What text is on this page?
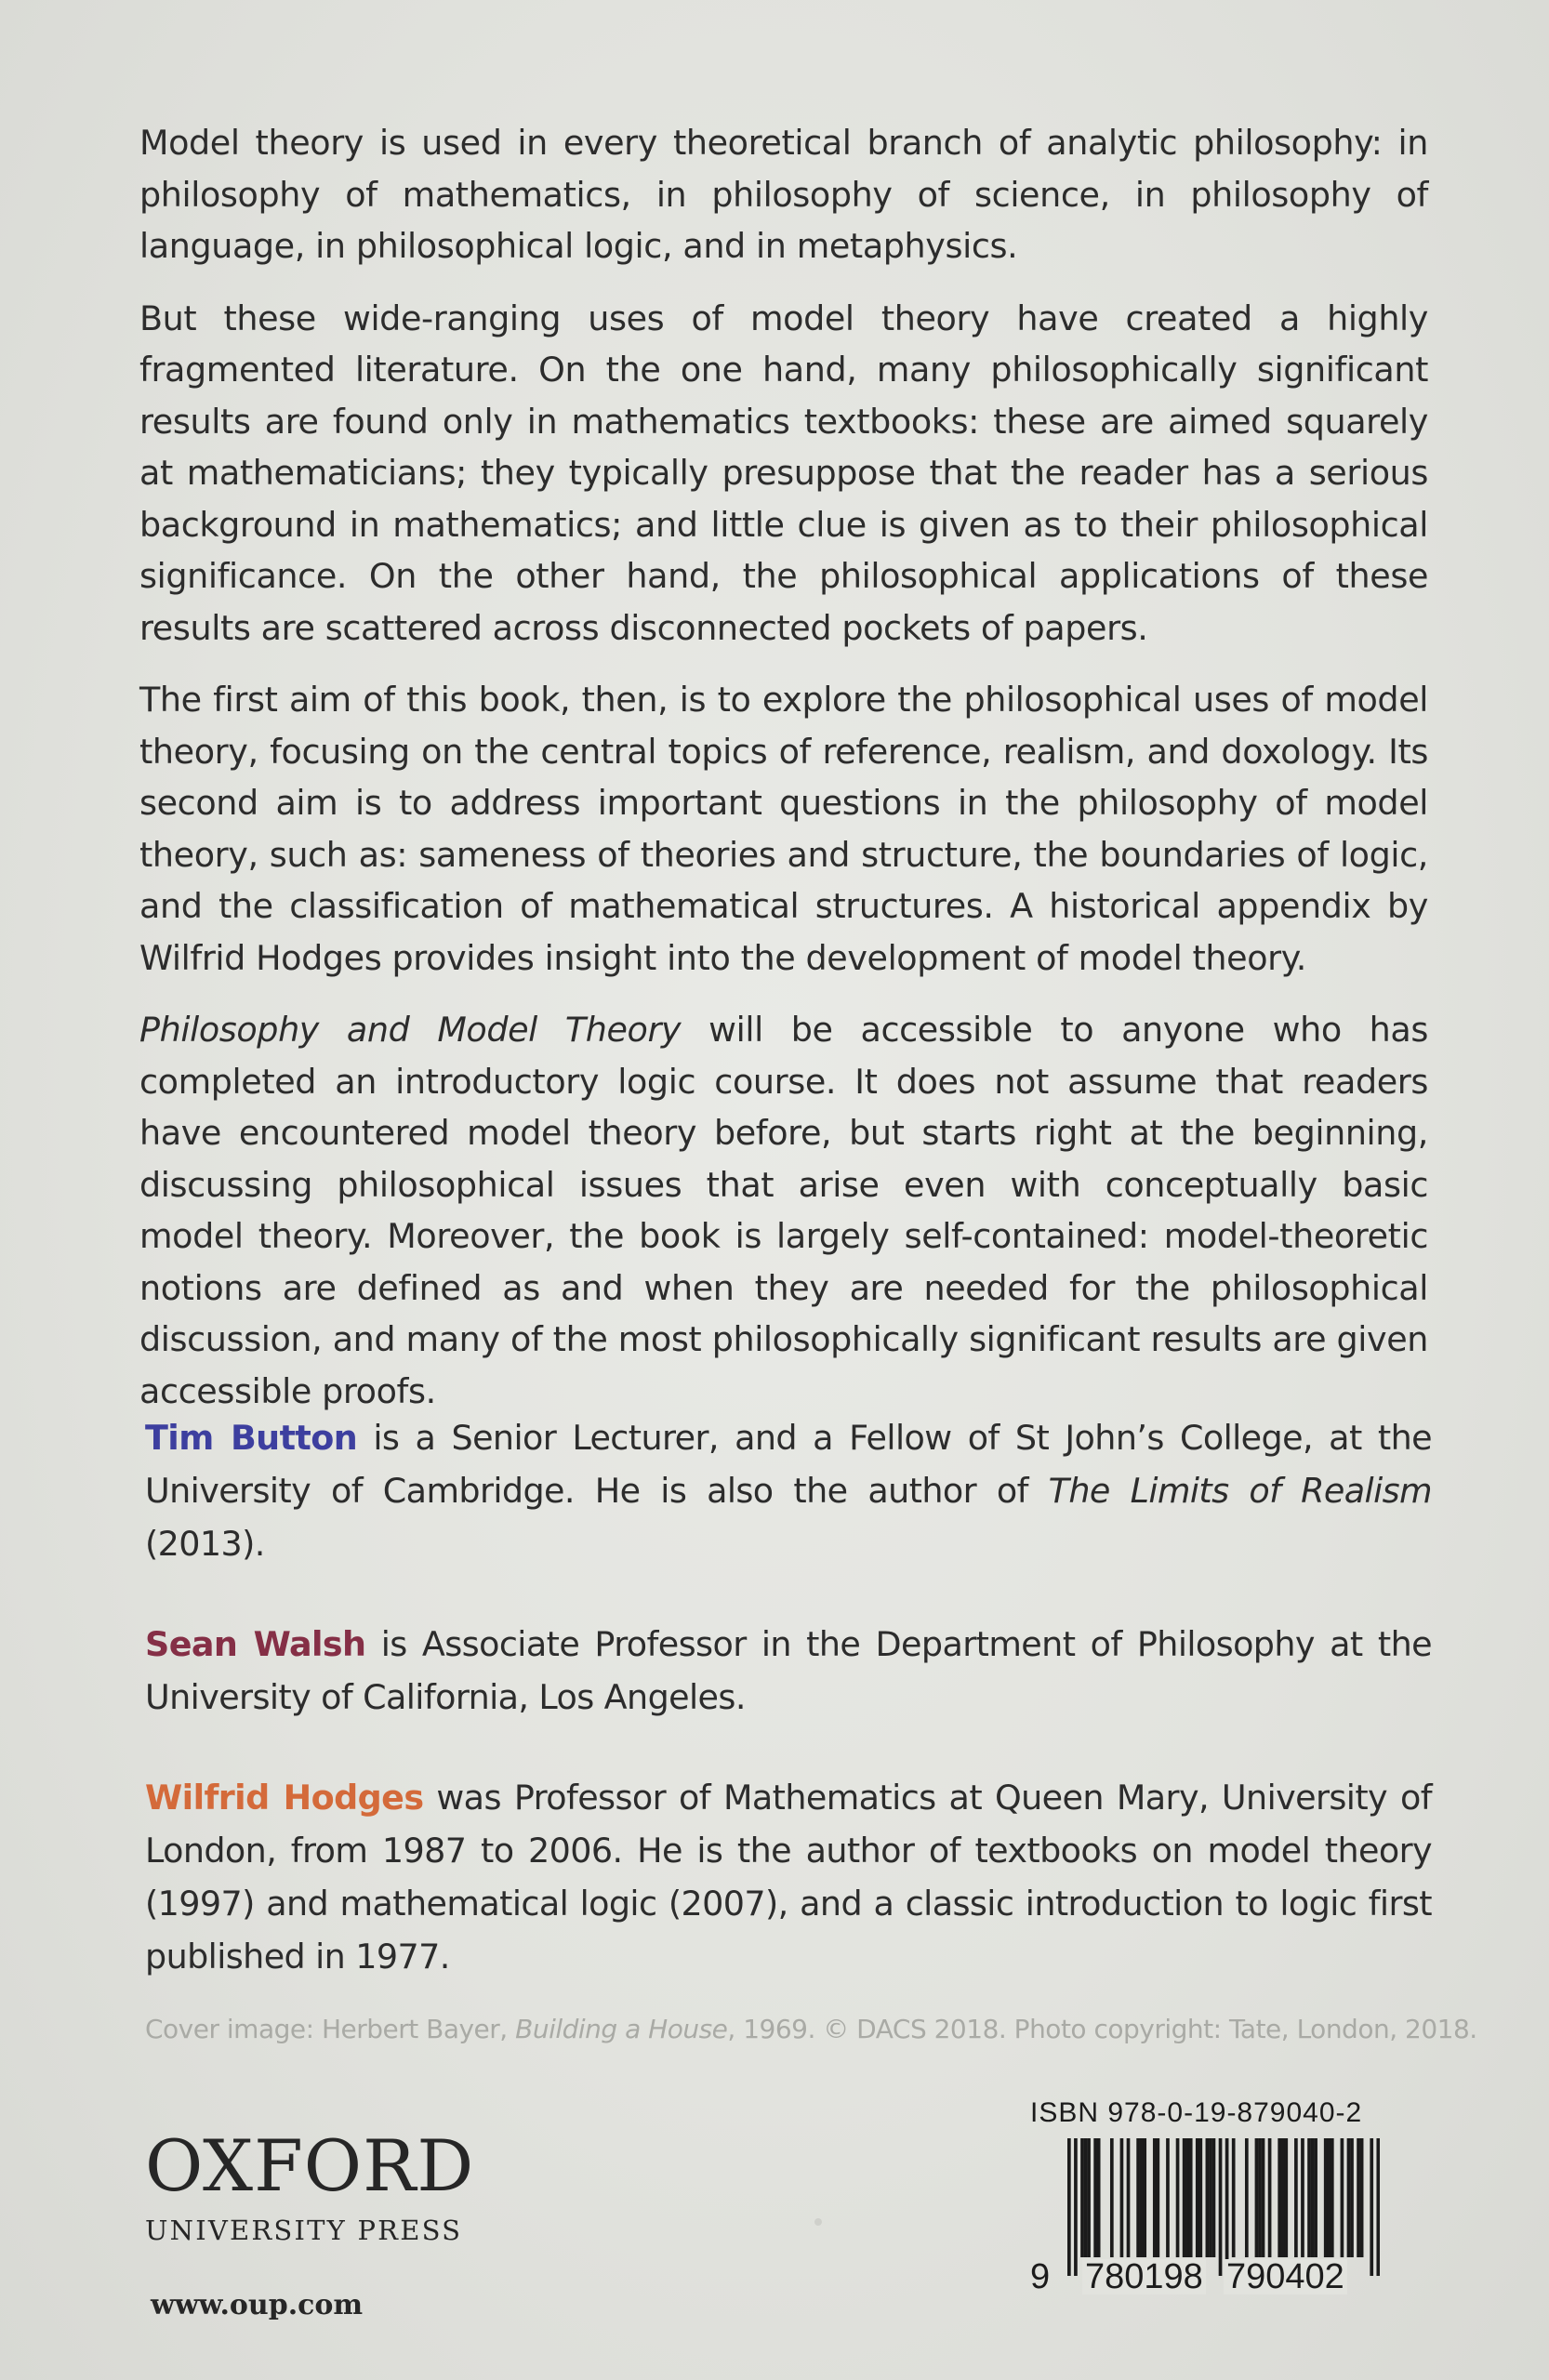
Model theory is used in every theoretical branch of analytic philosophy: in philosophy of mathematics, in philosophy of science, in philosophy of language, in philosophical logic, and in metaphysics.

But these wide-ranging uses of model theory have created a highly fragmented literature. On the one hand, many philosophically significant results are found only in mathematics textbooks: these are aimed squarely at mathematicians; they typically presuppose that the reader has a serious background in mathematics; and little clue is given as to their philosophical significance. On the other hand, the philosophical applications of these results are scattered across disconnected pockets of papers.

The first aim of this book, then, is to explore the philosophical uses of model theory, focusing on the central topics of reference, realism, and doxology. Its second aim is to address important questions in the philosophy of model theory, such as: sameness of theories and structure, the boundaries of logic, and the classification of mathematical structures. A historical appendix by Wilfrid Hodges provides insight into the development of model theory.

Philosophy and Model Theory will be accessible to anyone who has completed an introductory logic course. It does not assume that readers have encountered model theory before, but starts right at the beginning, discussing philosophical issues that arise even with conceptually basic model theory. Moreover, the book is largely self-contained: model-theoretic notions are defined as and when they are needed for the philosophical discussion, and many of the most philosophically significant results are given accessible proofs.

Tim Button is a Senior Lecturer, and a Fellow of St John’s College, at the University of Cambridge. He is also the author of The Limits of Realism (2013).

Sean Walsh is Associate Professor in the Department of Philosophy at the University of California, Los Angeles.

Wilfrid Hodges was Professor of Mathematics at Queen Mary, University of London, from 1987 to 2006. He is the author of textbooks on model theory (1997) and mathematical logic (2007), and a classic introduction to logic first published in 1977.

Cover image: Herbert Bayer, Building a House, 1969. © DACS 2018. Photo copyright: Tate, London, 2018.
OXFORD
UNIVERSITY PRESS
www.oup.com
ISBN 978-0-19-879040-2
9 780198 790402
